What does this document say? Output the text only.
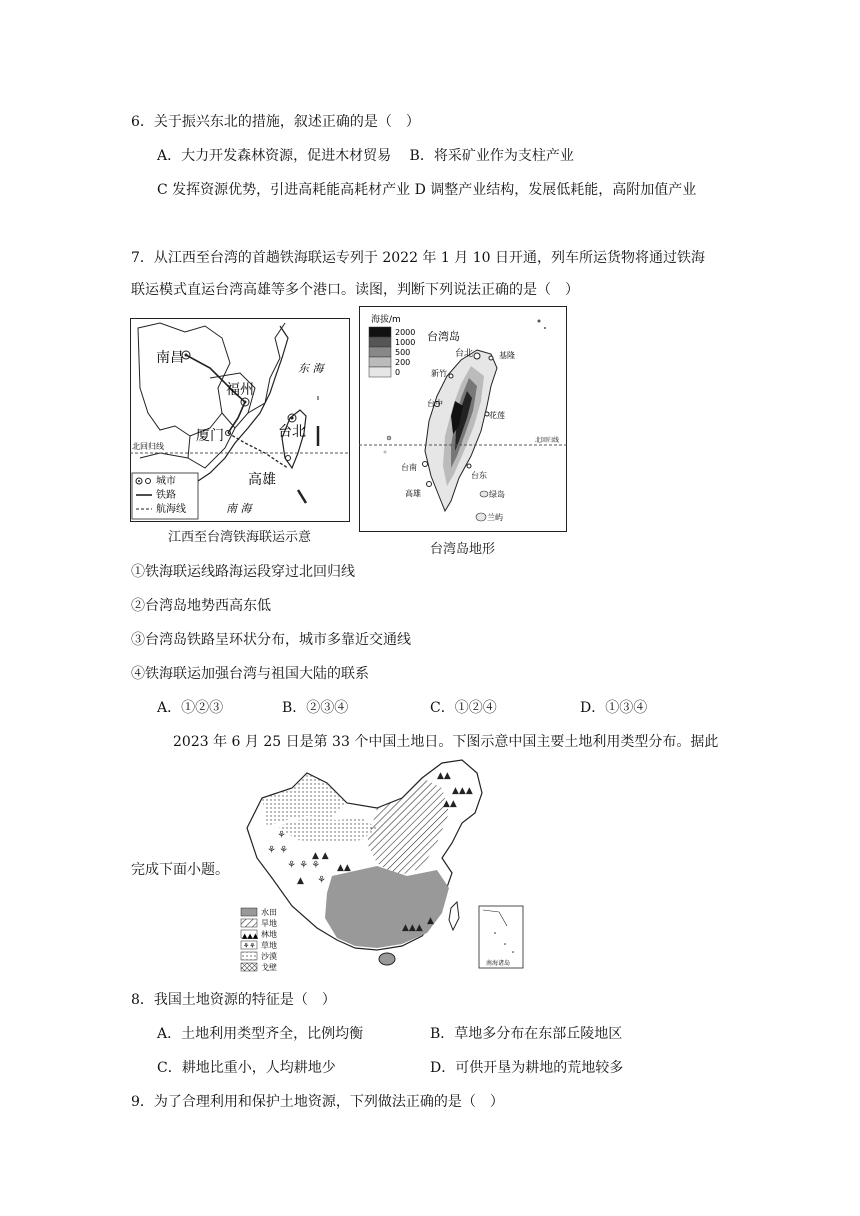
6．关于振兴东北的措施，叙述正确的是（　）
A．大力开发森林资源，促进木材贸易　 B．将采矿业作为支柱产业
C 发挥资源优势，引进高耗能高耗材产业 D 调整产业结构，发展低耗能，高附加值产业
7．从江西至台湾的首趟铁海联运专列于 2022 年 1 月 10 日开通，列车所运货物将通过铁海
联运模式直运台湾高雄等多个港口。读图，判断下列说法正确的是（　）
南昌
福州
厦门	台北
高雄
东 海
南 海
北回归线
城市
铁路
航海线
江西至台湾铁海联运示意
海拔/m
2000
1000
500
200
0
台湾岛
北回归线
台北	基隆
新竹
台中
花莲
台南
高雄
台东
绿岛
兰屿
台湾岛地形
①铁海联运线路海运段穿过北回归线
②台湾岛地势西高东低
③台湾岛铁路呈环状分布，城市多靠近交通线
④铁海联运加强台湾与祖国大陆的联系
A．①②③	B．②③④	C．①②④	D．①③④
2023 年 6 月 25 日是第 33 个中国土地日。下图示意中国主要土地利用类型分布。据此
▲▲
▲▲▲
▲▲
▲ ▲
▲▲
▲
▲▲▲
▲
⚘ ⚘
⚘ ⚘ ⚘
⚘
⚘
南海诸岛
▲▲▲
⚘⚘
水田
旱地
林地
草地
沙漠
戈壁
完成下面小题。
8．我国土地资源的特征是（　）
A．土地利用类型齐全，比例均衡	B．草地多分布在东部丘陵地区
C．耕地比重小，人均耕地少	D．可供开垦为耕地的荒地较多
9．为了合理利用和保护土地资源，下列做法正确的是（　）
